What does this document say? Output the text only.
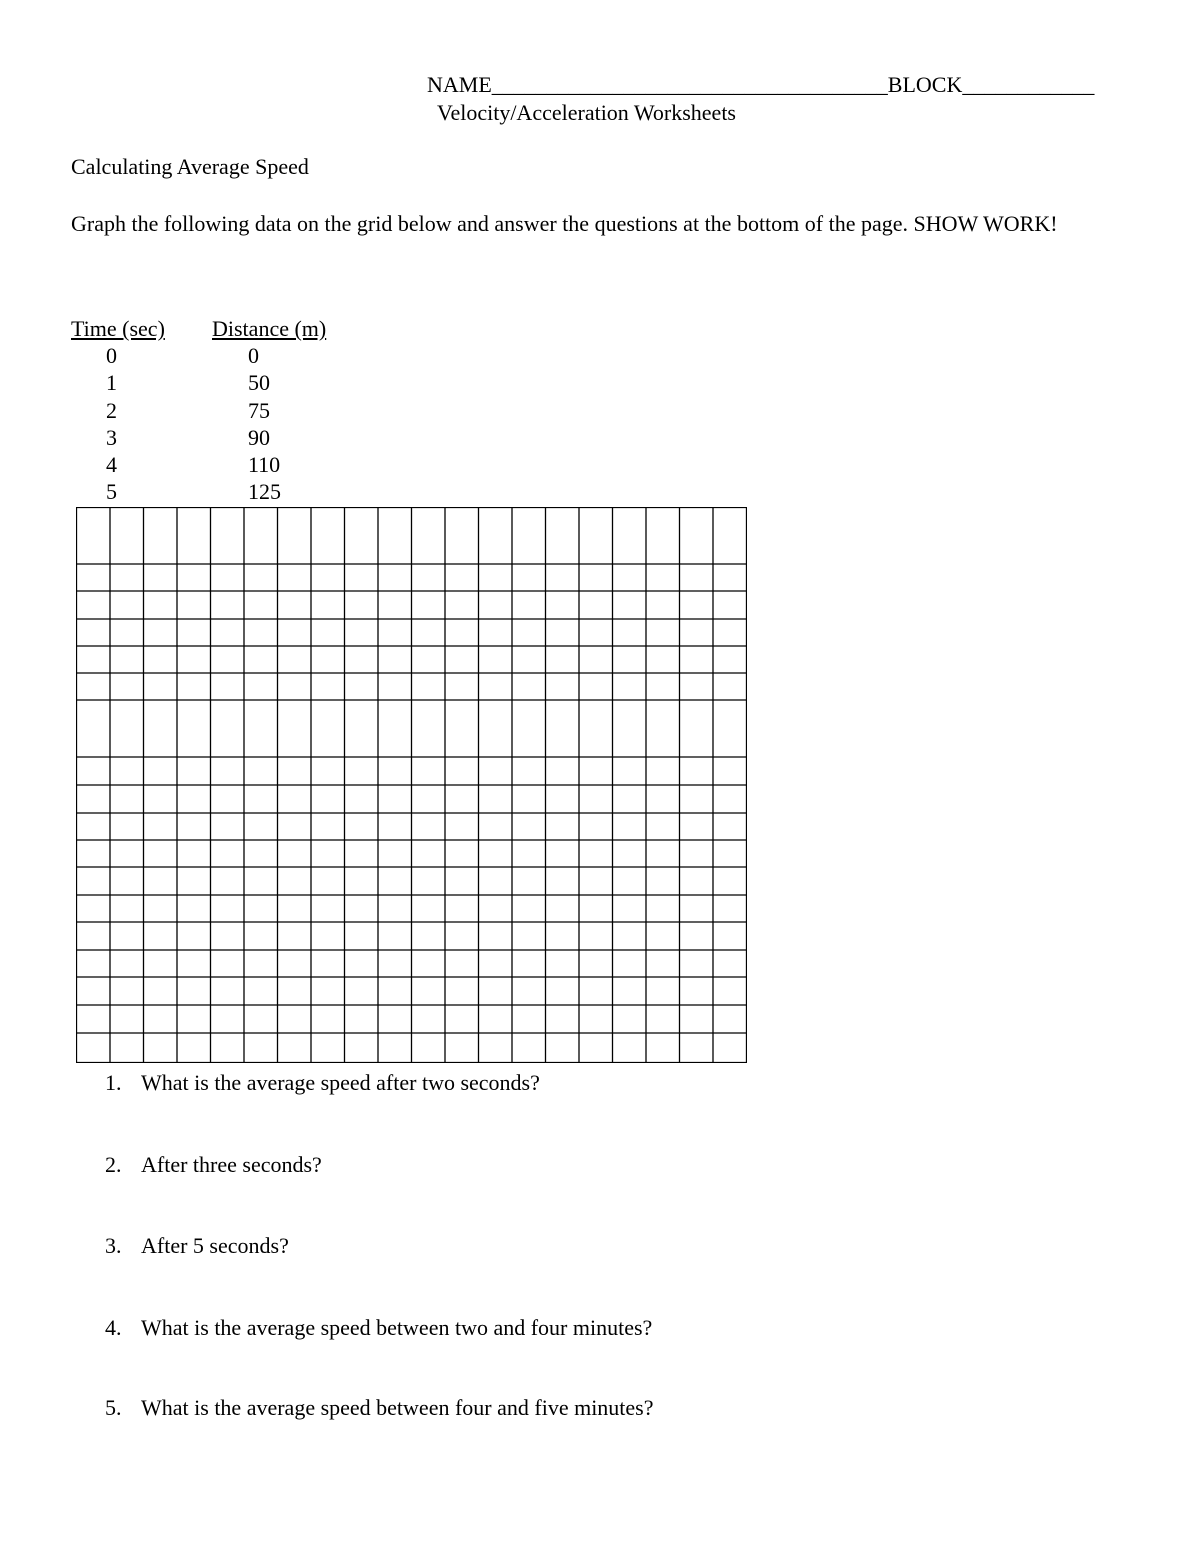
NAME____________________________________BLOCK____________
Velocity/Acceleration Worksheets
Calculating Average Speed
Graph the following data on the grid below and answer the questions at the bottom of the page. SHOW WORK!
Time (sec) Distance (m)
0	0
1	50
2	75
3	90
4	110
5	125
1. What is the average speed after two seconds?
2. After three seconds?
3. After 5 seconds?
4. What is the average speed between two and four minutes?
5. What is the average speed between four and five minutes?
